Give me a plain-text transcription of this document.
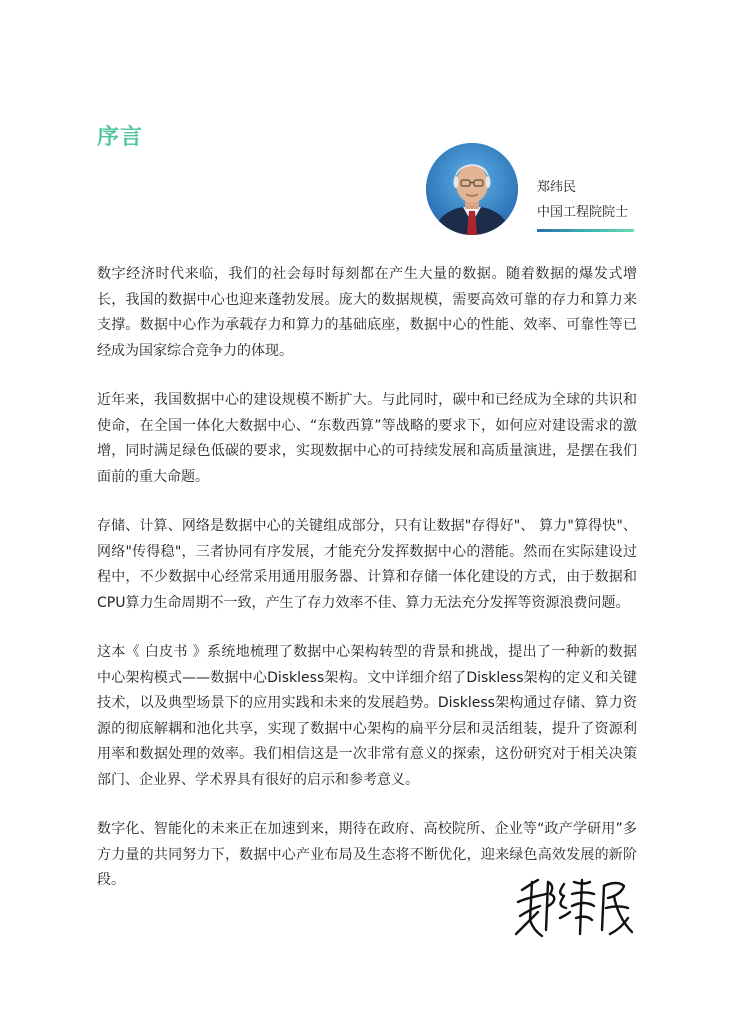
序言
郑纬民
中国工程院院士

数字经济时代来临，我们的社会每时每刻都在产生大量的数据。随着数据的爆发式增长，我国的数据中心也迎来蓬勃发展。庞大的数据规模，需要高效可靠的存力和算力来支撑。数据中心作为承载存力和算力的基础底座，数据中心的性能、效率、可靠性等已经成为国家综合竞争力的体现。

近年来，我国数据中心的建设规模不断扩大。与此同时，碳中和已经成为全球的共识和使命，在全国一体化大数据中心、“东数西算”等战略的要求下，如何应对建设需求的激增，同时满足绿色低碳的要求，实现数据中心的可持续发展和高质量演进，是摆在我们面前的重大命题。

存储、计算、网络是数据中心的关键组成部分，只有让数据"存得好"、 算力"算得快"、网络"传得稳"，三者协同有序发展，才能充分发挥数据中心的潜能。然而在实际建设过程中，不少数据中心经常采用通用服务器、计算和存储一体化建设的方式，由于数据和CPU算力生命周期不一致，产生了存力效率不佳、算力无法充分发挥等资源浪费问题。

这本《 白皮书 》系统地梳理了数据中心架构转型的背景和挑战，提出了一种新的数据中心架构模式——数据中心Diskless架构。文中详细介绍了Diskless架构的定义和关键技术，以及典型场景下的应用实践和未来的发展趋势。Diskless架构通过存储、算力资源的彻底解耦和池化共享，实现了数据中心架构的扁平分层和灵活组装，提升了资源利用率和数据处理的效率。我们相信这是一次非常有意义的探索，这份研究对于相关决策部门、企业界、学术界具有很好的启示和参考意义。

数字化、智能化的未来正在加速到来，期待在政府、高校院所、企业等“政产学研用”多方力量的共同努力下，数据中心产业布局及生态将不断优化，迎来绿色高效发展的新阶段。
